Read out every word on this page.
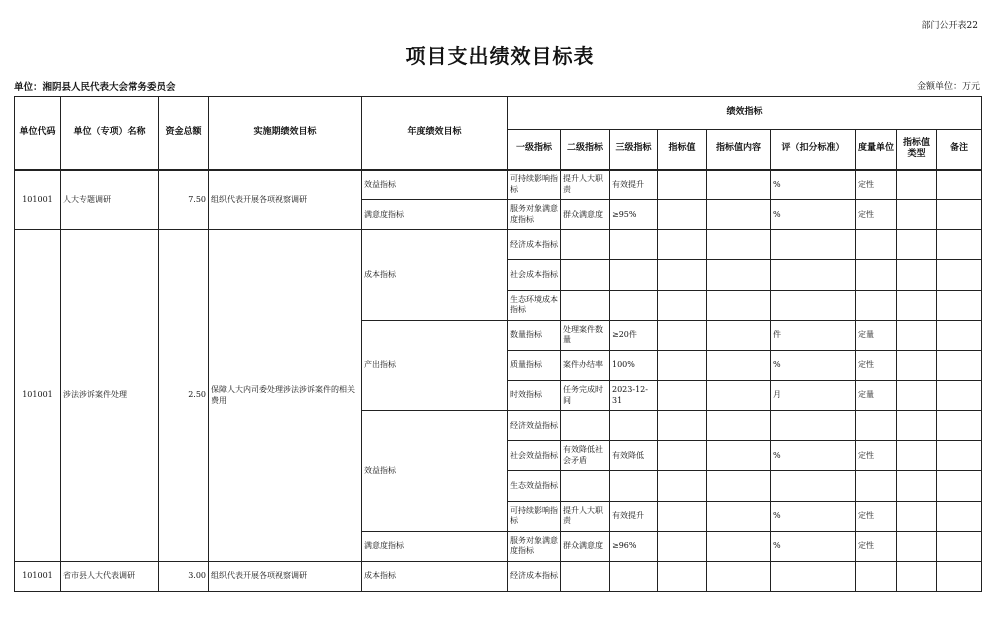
部门公开表22
项目支出绩效目标表
单位：湘阴县人民代表大会常务委员会	金额单位：万元
单位代码	单位（专项）名称	资金总额	实施期绩效目标	年度绩效目标	绩效指标								
					一级指标	二级指标	三级指标	指标值	指标值内容	评（扣分标准）	度量单位	指标值类型	备注
101001	人大专题调研	7.50	组织代表开展各项视察调研	效益指标	可持续影响指标	提升人大职责	有效提升			%	定性		
				满意度指标	服务对象满意度指标	群众满意度	≥95%			%	定性		
101001	涉法涉诉案件处理	2.50	保障人大内司委处理涉法涉诉案件的相关费用	成本指标	经济成本指标								
					社会成本指标								
					生态环境成本指标								
				产出指标	数量指标	处理案件数量	≥20件			件	定量		
					质量指标	案件办结率	100%			%	定性		
					时效指标	任务完成时间	2023-12-31			月	定量		
				效益指标	经济效益指标								
					社会效益指标	有效降低社会矛盾	有效降低			%	定性		
					生态效益指标								
					可持续影响指标	提升人大职责	有效提升			%	定性		
				满意度指标	服务对象满意度指标	群众满意度	≥96%			%	定性		
101001	省市县人大代表调研	3.00	组织代表开展各项视察调研	成本指标	经济成本指标								
